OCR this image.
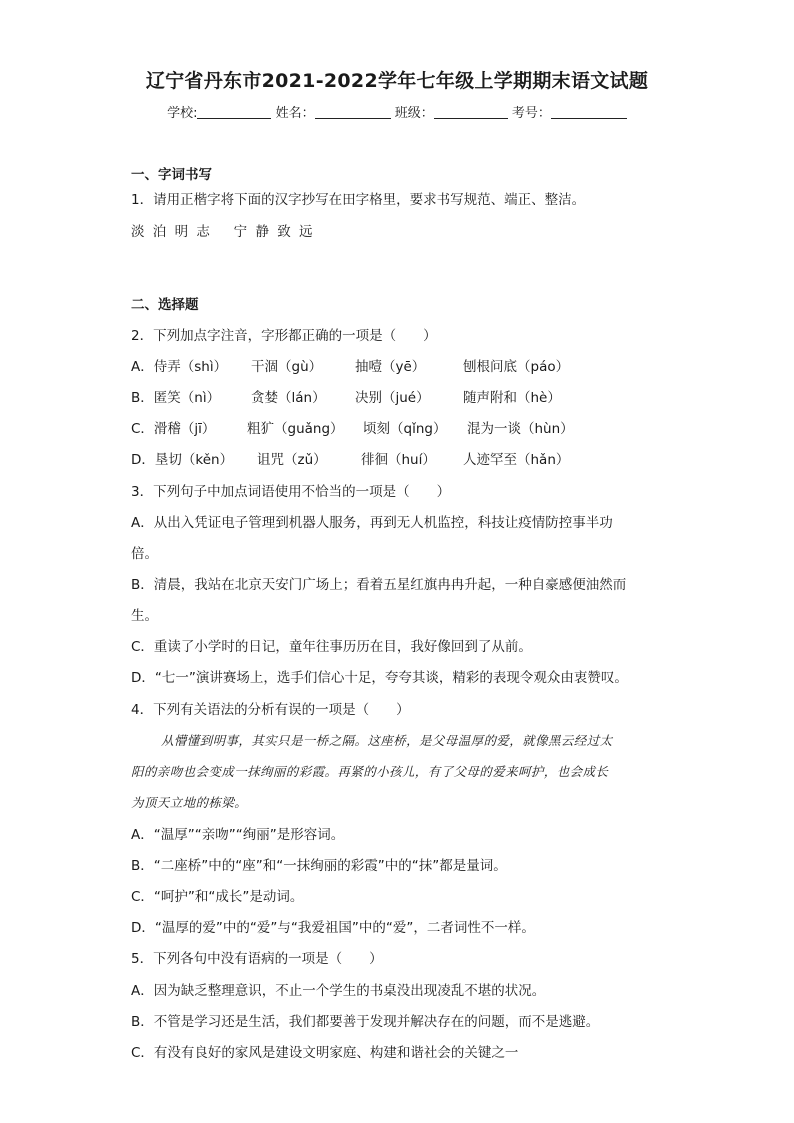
辽宁省丹东市2021-2022学年七年级上学期期末语文试题
学校:	姓名：	班级：	考号：
一、字词书写
1．请用正楷字将下面的汉字抄写在田字格里，要求书写规范、端正、整洁。
淡 泊 明 志　 宁 静 致 远
二、选择题
2．下列加点字注音，字形都正确的一项是（　　）
A．侍弄（shì） 干涸（gù） 抽噎（yē）	刨根问底（páo）
B．匿笑（nì） 贪婪（lán） 决别（jué） 随声附和（hè）
C．滑稽（jī） 粗犷（guǎng） 顷刻（qǐng） 混为一谈（hùn）
D．垦切（kěn） 诅咒（zǔ）	徘徊（huí） 人迹罕至（hǎn）
3．下列句子中加点词语使用不恰当的一项是（　　）
A．从出入凭证电子管理到机器人服务，再到无人机监控，科技让疫情防控事半功
倍。
B．清晨，我站在北京天安门广场上；看着五星红旗冉冉升起，一种自豪感便油然而
生。
C．重读了小学时的日记，童年往事历历在目，我好像回到了从前。
D．“七一”演讲赛场上，选手们信心十足，夸夸其谈，精彩的表现令观众由衷赞叹。
4．下列有关语法的分析有误的一项是（　　）
从懵懂到明事，其实只是一桥之隔。这座桥，是父母温厚的爱，就像黑云经过太
阳的亲吻也会变成一抹绚丽的彩霞。再紧的小孩儿，有了父母的爱来呵护，也会成长
为顶天立地的栋梁。
A．“温厚”“亲吻”“绚丽”是形容词。
B．“二座桥”中的“座”和“一抹绚丽的彩霞”中的“抹”都是量词。
C．“呵护”和“成长”是动词。
D．“温厚的爱”中的“爱”与“我爱祖国”中的“爱”，二者词性不一样。
5．下列各句中没有语病的一项是（　　）
A．因为缺乏整理意识，不止一个学生的书桌没出现凌乱不堪的状况。
B．不管是学习还是生活，我们都要善于发现并解决存在的问题，而不是逃避。
C．有没有良好的家风是建设文明家庭、构建和谐社会的关键之一
